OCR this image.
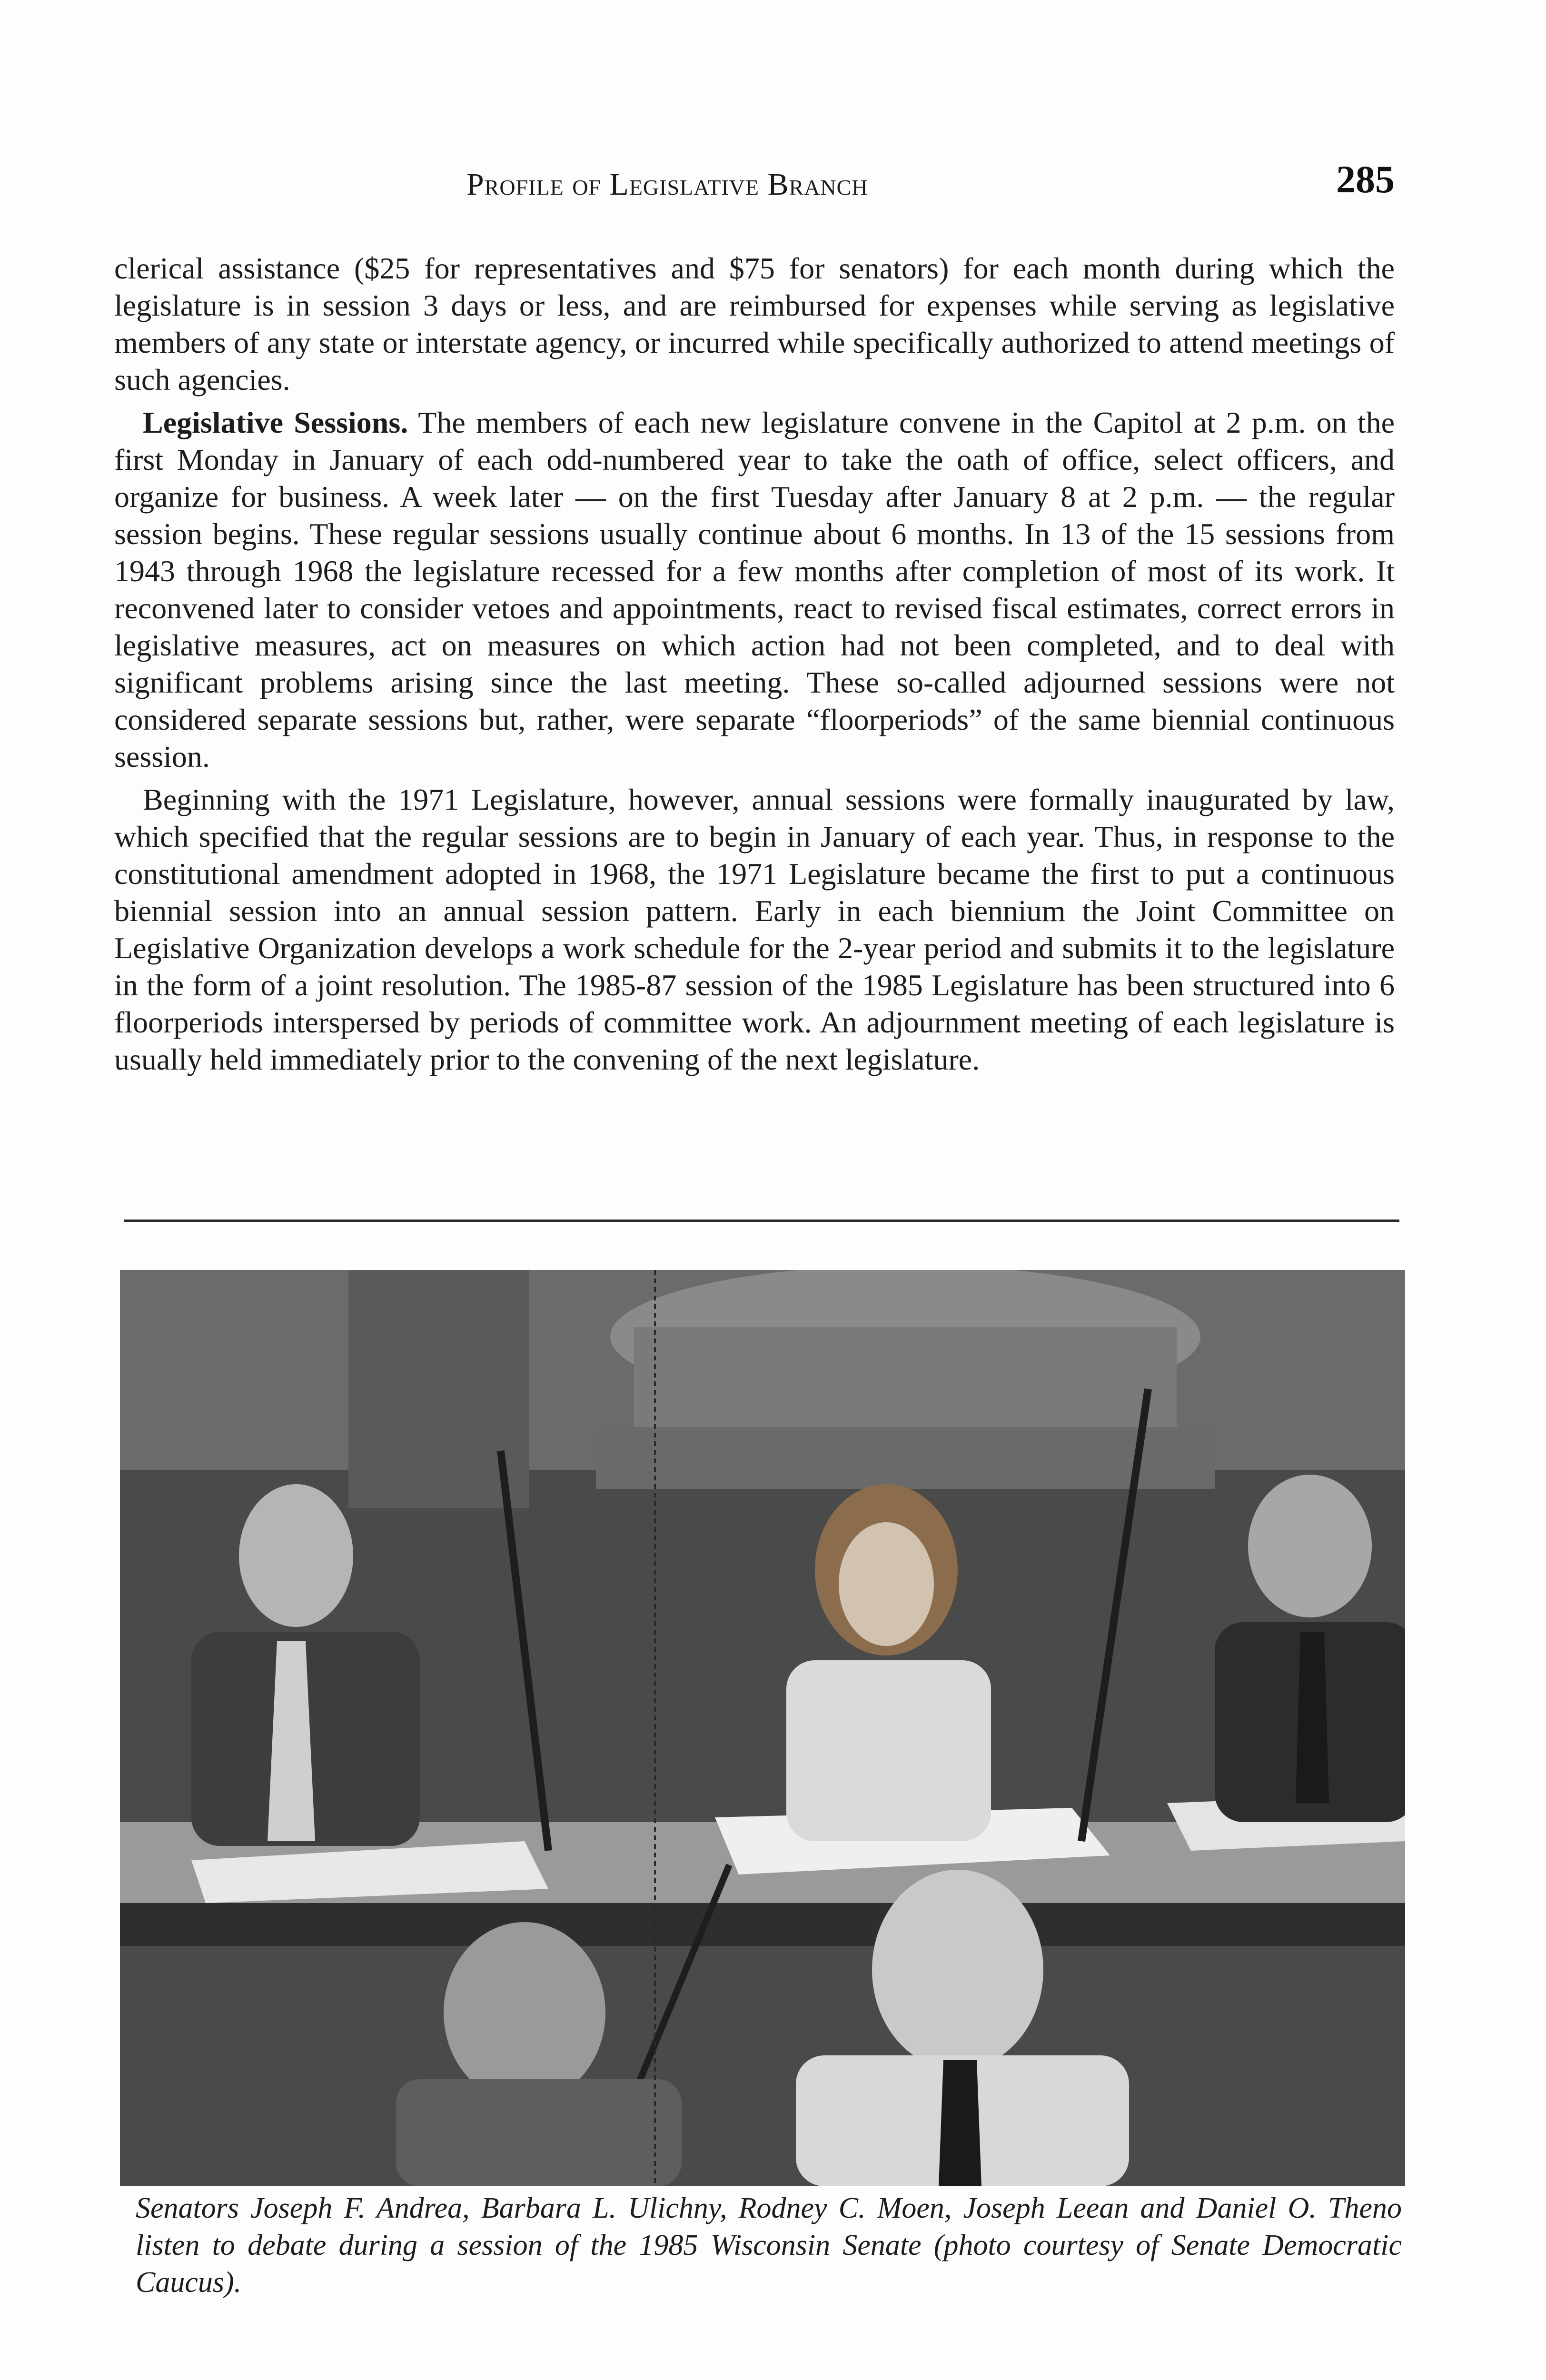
Profile of Legislative Branch	285

clerical assistance ($25 for representatives and $75 for senators) for each month during which the legislature is in session 3 days or less, and are reimbursed for expenses while serving as legislative members of any state or interstate agency, or incurred while specifically authorized to attend meetings of such agencies.

Legislative Sessions. The members of each new legislature convene in the Capitol at 2 p.m. on the first Monday in January of each odd-numbered year to take the oath of office, select officers, and organize for business. A week later — on the first Tuesday after January 8 at 2 p.m. — the regular session begins. These regular sessions usually continue about 6 months. In 13 of the 15 sessions from 1943 through 1968 the legislature recessed for a few months after completion of most of its work. It reconvened later to consider vetoes and appointments, react to revised fiscal estimates, correct errors in legislative measures, act on measures on which action had not been completed, and to deal with significant problems arising since the last meeting. These so-called adjourned sessions were not considered separate sessions but, rather, were separate “floorperiods” of the same biennial continuous session.

Beginning with the 1971 Legislature, however, annual sessions were formally inaugurated by law, which specified that the regular sessions are to begin in January of each year. Thus, in response to the constitutional amendment adopted in 1968, the 1971 Legislature became the first to put a continuous biennial session into an annual session pattern. Early in each biennium the Joint Committee on Legislative Organization develops a work schedule for the 2-year period and submits it to the legislature in the form of a joint resolution. The 1985-87 session of the 1985 Legislature has been structured into 6 floorperiods interspersed by periods of committee work. An adjournment meeting of each legislature is usually held immediately prior to the convening of the next legislature.

Senators Joseph F. Andrea, Barbara L. Ulichny, Rodney C. Moen, Joseph Leean and Daniel O. Theno listen to debate during a session of the 1985 Wisconsin Senate (photo courtesy of Senate Democratic Caucus).
